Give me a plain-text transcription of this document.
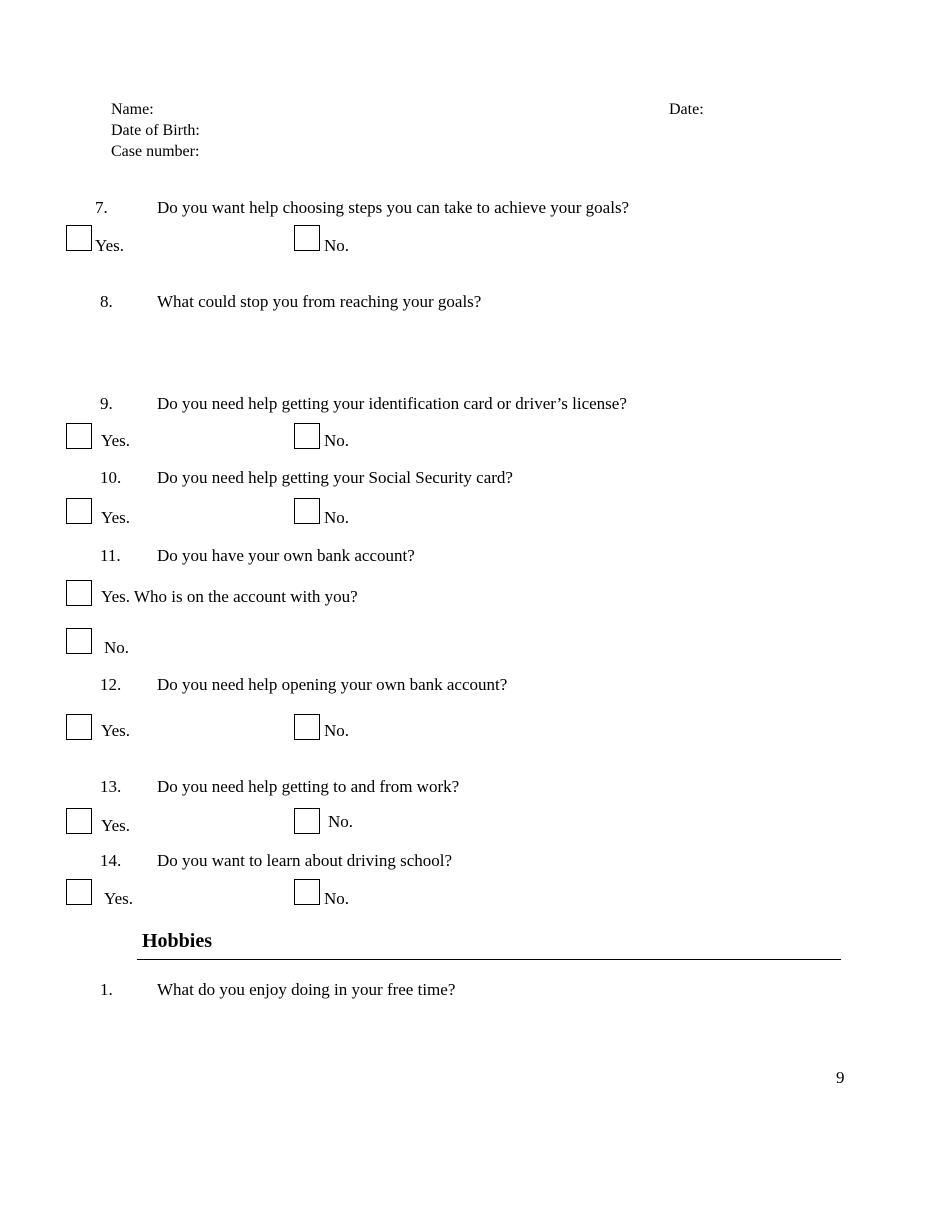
Name:	Date:
Date of Birth:
Case number:
7.	Do you want help choosing steps you can take to achieve your goals?
Yes.	No.
8.	What could stop you from reaching your goals?
9.	Do you need help getting your identification card or driver’s license?
Yes.	No.
10. Do you need help getting your Social Security card?
Yes.	No.
11. Do you have your own bank account?
Yes. Who is on the account with you?
No.
12. Do you need help opening your own bank account?
Yes.	No.
13. Do you need help getting to and from work?
Yes.	No.
14. Do you want to learn about driving school?
Yes.	No.
Hobbies
1.	What do you enjoy doing in your free time?
9
